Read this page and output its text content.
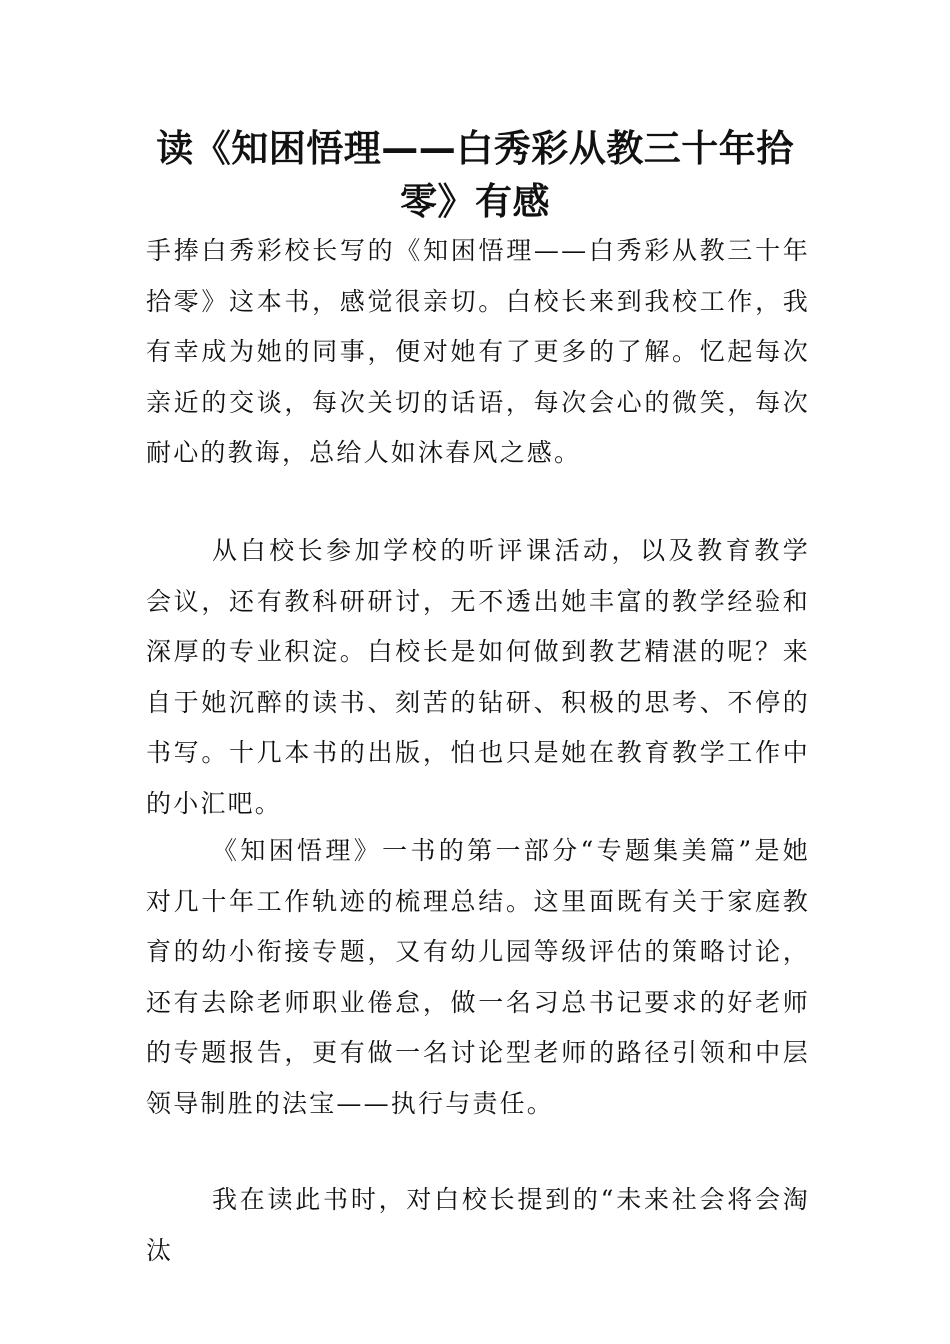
读《知困悟理——白秀彩从教三十年拾零》有感

手捧白秀彩校长写的《知困悟理——白秀彩从教三十年拾零》这本书，感觉很亲切。白校长来到我校工作，我有幸成为她的同事，便对她有了更多的了解。忆起每次亲近的交谈，每次关切的话语，每次会心的微笑，每次耐心的教诲，总给人如沐春风之感。

从白校长参加学校的听评课活动，以及教育教学会议，还有教科研研讨，无不透出她丰富的教学经验和深厚的专业积淀。白校长是如何做到教艺精湛的呢？来自于她沉醉的读书、刻苦的钻研、积极的思考、不停的书写。十几本书的出版，怕也只是她在教育教学工作中的小汇吧。

《知困悟理》一书的第一部分“专题集美篇”是她对几十年工作轨迹的梳理总结。这里面既有关于家庭教育的幼小衔接专题，又有幼儿园等级评估的策略讨论，还有去除老师职业倦怠，做一名习总书记要求的好老师的专题报告，更有做一名讨论型老师的路径引领和中层领导制胜的法宝——执行与责任。

我在读此书时，对白校长提到的“未来社会将会淘汰
